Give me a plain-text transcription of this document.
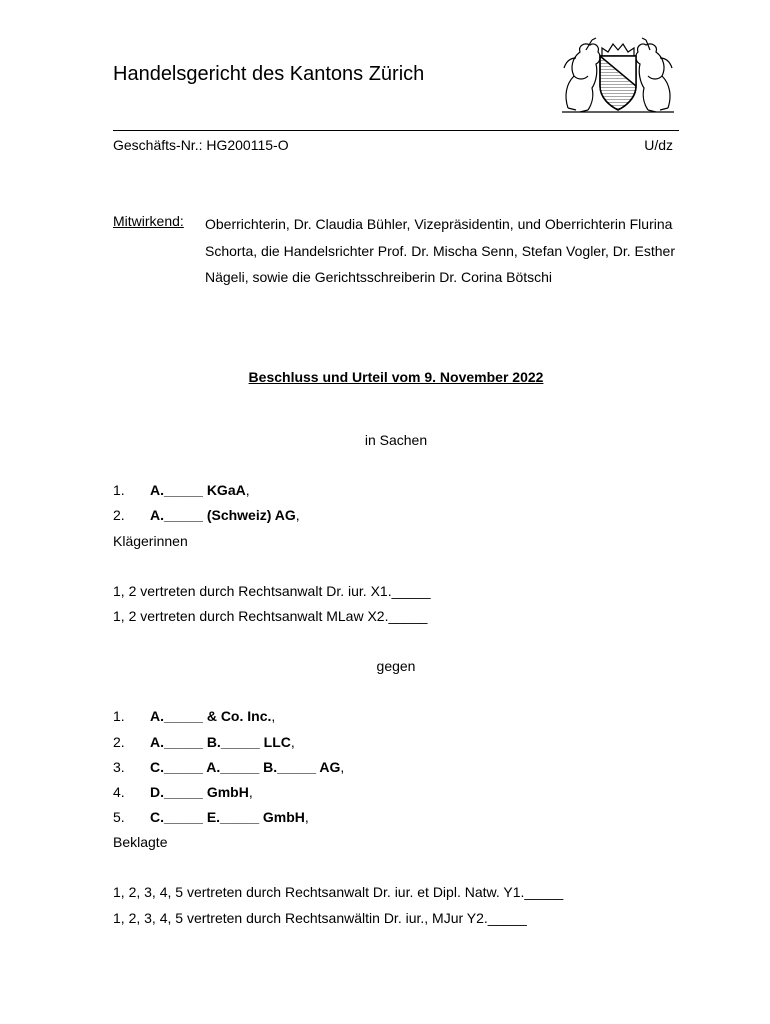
Handelsgericht des Kantons Zürich
Geschäfts-Nr.: HG200115-O	U/dz
Mitwirkend: Oberrichterin, Dr. Claudia Bühler, Vizepräsidentin, und Oberrichterin Flurina Schorta, die Handelsrichter Prof. Dr. Mischa Senn, Stefan Vogler, Dr. Esther Nägeli, sowie die Gerichtsschreiberin Dr. Corina Bötschi
Beschluss und Urteil vom 9. November 2022
in Sachen
1. A._____ KGaA,
2. A._____ (Schweiz) AG,
Klägerinnen
1, 2 vertreten durch Rechtsanwalt Dr. iur. X1._____
1, 2 vertreten durch Rechtsanwalt MLaw X2._____
gegen
1. A._____ & Co. Inc.,
2. A._____ B._____ LLC,
3. C._____ A._____ B._____ AG,
4. D._____ GmbH,
5. C._____ E._____ GmbH,
Beklagte
1, 2, 3, 4, 5 vertreten durch Rechtsanwalt Dr. iur. et Dipl. Natw. Y1._____
1, 2, 3, 4, 5 vertreten durch Rechtsanwältin Dr. iur., MJur Y2._____
